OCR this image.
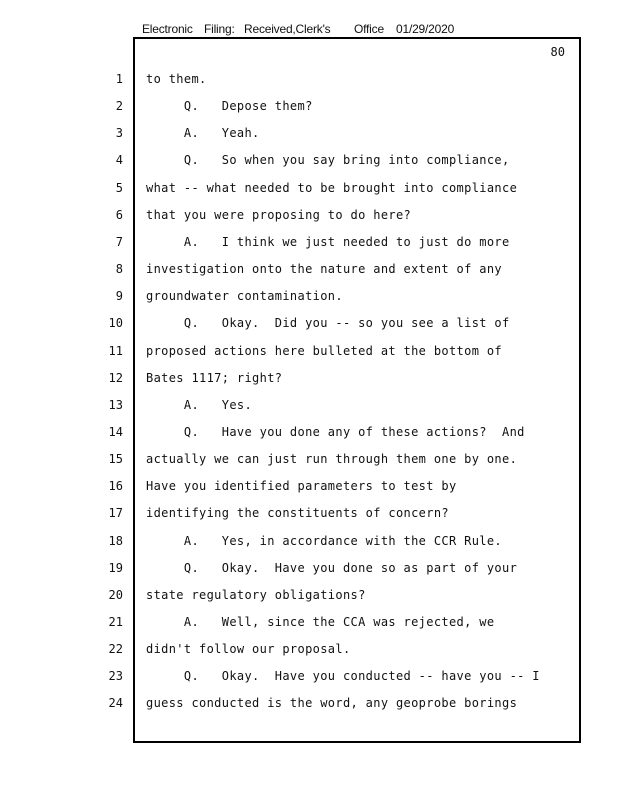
Electronic Filing: Received,Clerk's Office 01/29/2020
80
1 to them.
2 Q.   Depose them?
3 A.   Yeah.
4 Q.   So when you say bring into compliance,
5 what -- what needed to be brought into compliance
6 that you were proposing to do here?
7 A.   I think we just needed to just do more
8 investigation onto the nature and extent of any
9 groundwater contamination.
10 Q.   Okay.  Did you -- so you see a list of
11 proposed actions here bulleted at the bottom of
12 Bates 1117; right?
13 A.   Yes.
14 Q.   Have you done any of these actions?  And
15 actually we can just run through them one by one.
16 Have you identified parameters to test by
17 identifying the constituents of concern?
18 A.   Yes, in accordance with the CCR Rule.
19 Q.   Okay.  Have you done so as part of your
20 state regulatory obligations?
21 A.   Well, since the CCA was rejected, we
22 didn't follow our proposal.
23 Q.   Okay.  Have you conducted -- have you -- I
24 guess conducted is the word, any geoprobe borings
